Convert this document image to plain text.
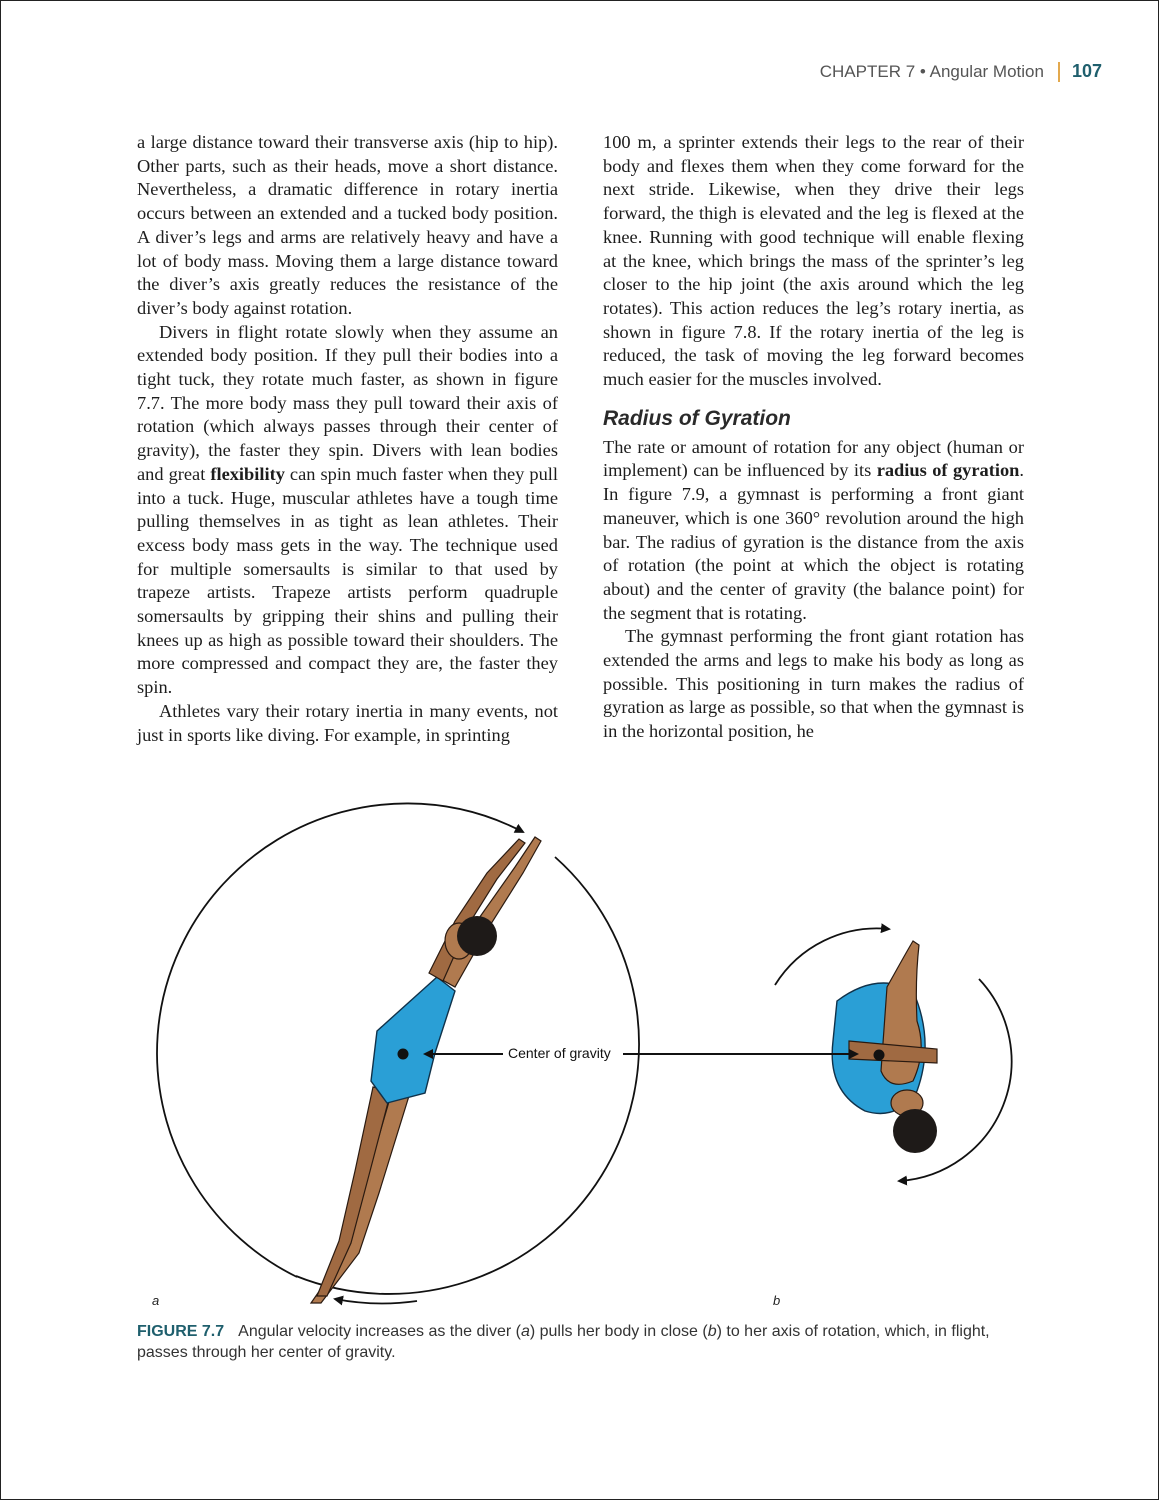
CHAPTER 7 • Angular Motion 107

a large distance toward their transverse axis (hip to hip). Other parts, such as their heads, move a short distance. Nevertheless, a dramatic difference in rotary inertia occurs between an extended and a tucked body position. A diver’s legs and arms are relatively heavy and have a lot of body mass. Moving them a large distance toward the diver’s axis greatly reduces the resistance of the diver’s body against rotation.

Divers in flight rotate slowly when they assume an extended body position. If they pull their bodies into a tight tuck, they rotate much faster, as shown in figure 7.7. The more body mass they pull toward their axis of rotation (which always passes through their center of gravity), the faster they spin. Divers with lean bodies and great flexibility can spin much faster when they pull into a tuck. Huge, muscular athletes have a tough time pulling themselves in as tight as lean athletes. Their excess body mass gets in the way. The technique used for multiple somersaults is similar to that used by trapeze artists. Trapeze artists perform quadruple somersaults by gripping their shins and pulling their knees up as high as possible toward their shoulders. The more compressed and compact they are, the faster they spin.

Athletes vary their rotary inertia in many events, not just in sports like diving. For example, in sprinting

100 m, a sprinter extends their legs to the rear of their body and flexes them when they come forward for the next stride. Likewise, when they drive their legs forward, the thigh is elevated and the leg is flexed at the knee. Running with good technique will enable flexing at the knee, which brings the mass of the sprinter’s leg closer to the hip joint (the axis around which the leg rotates). This action reduces the leg’s rotary inertia, as shown in figure 7.8. If the rotary inertia of the leg is reduced, the task of moving the leg forward becomes much easier for the muscles involved.

Radius of Gyration

The rate or amount of rotation for any object (human or implement) can be influenced by its radius of gyration. In figure 7.9, a gymnast is performing a front giant maneuver, which is one 360° revolution around the high bar. The radius of gyration is the distance from the axis of rotation (the point at which the object is rotating about) and the center of gravity (the balance point) for the segment that is rotating.

The gymnast performing the front giant rotation has extended the arms and legs to make his body as long as possible. This positioning in turn makes the radius of gyration as large as possible, so that when the gymnast is in the horizontal position, he

Center of gravity
a	b
FIGURE 7.7 Angular velocity increases as the diver (a) pulls her body in close (b) to her axis of rotation, which, in flight, passes through her center of gravity.
